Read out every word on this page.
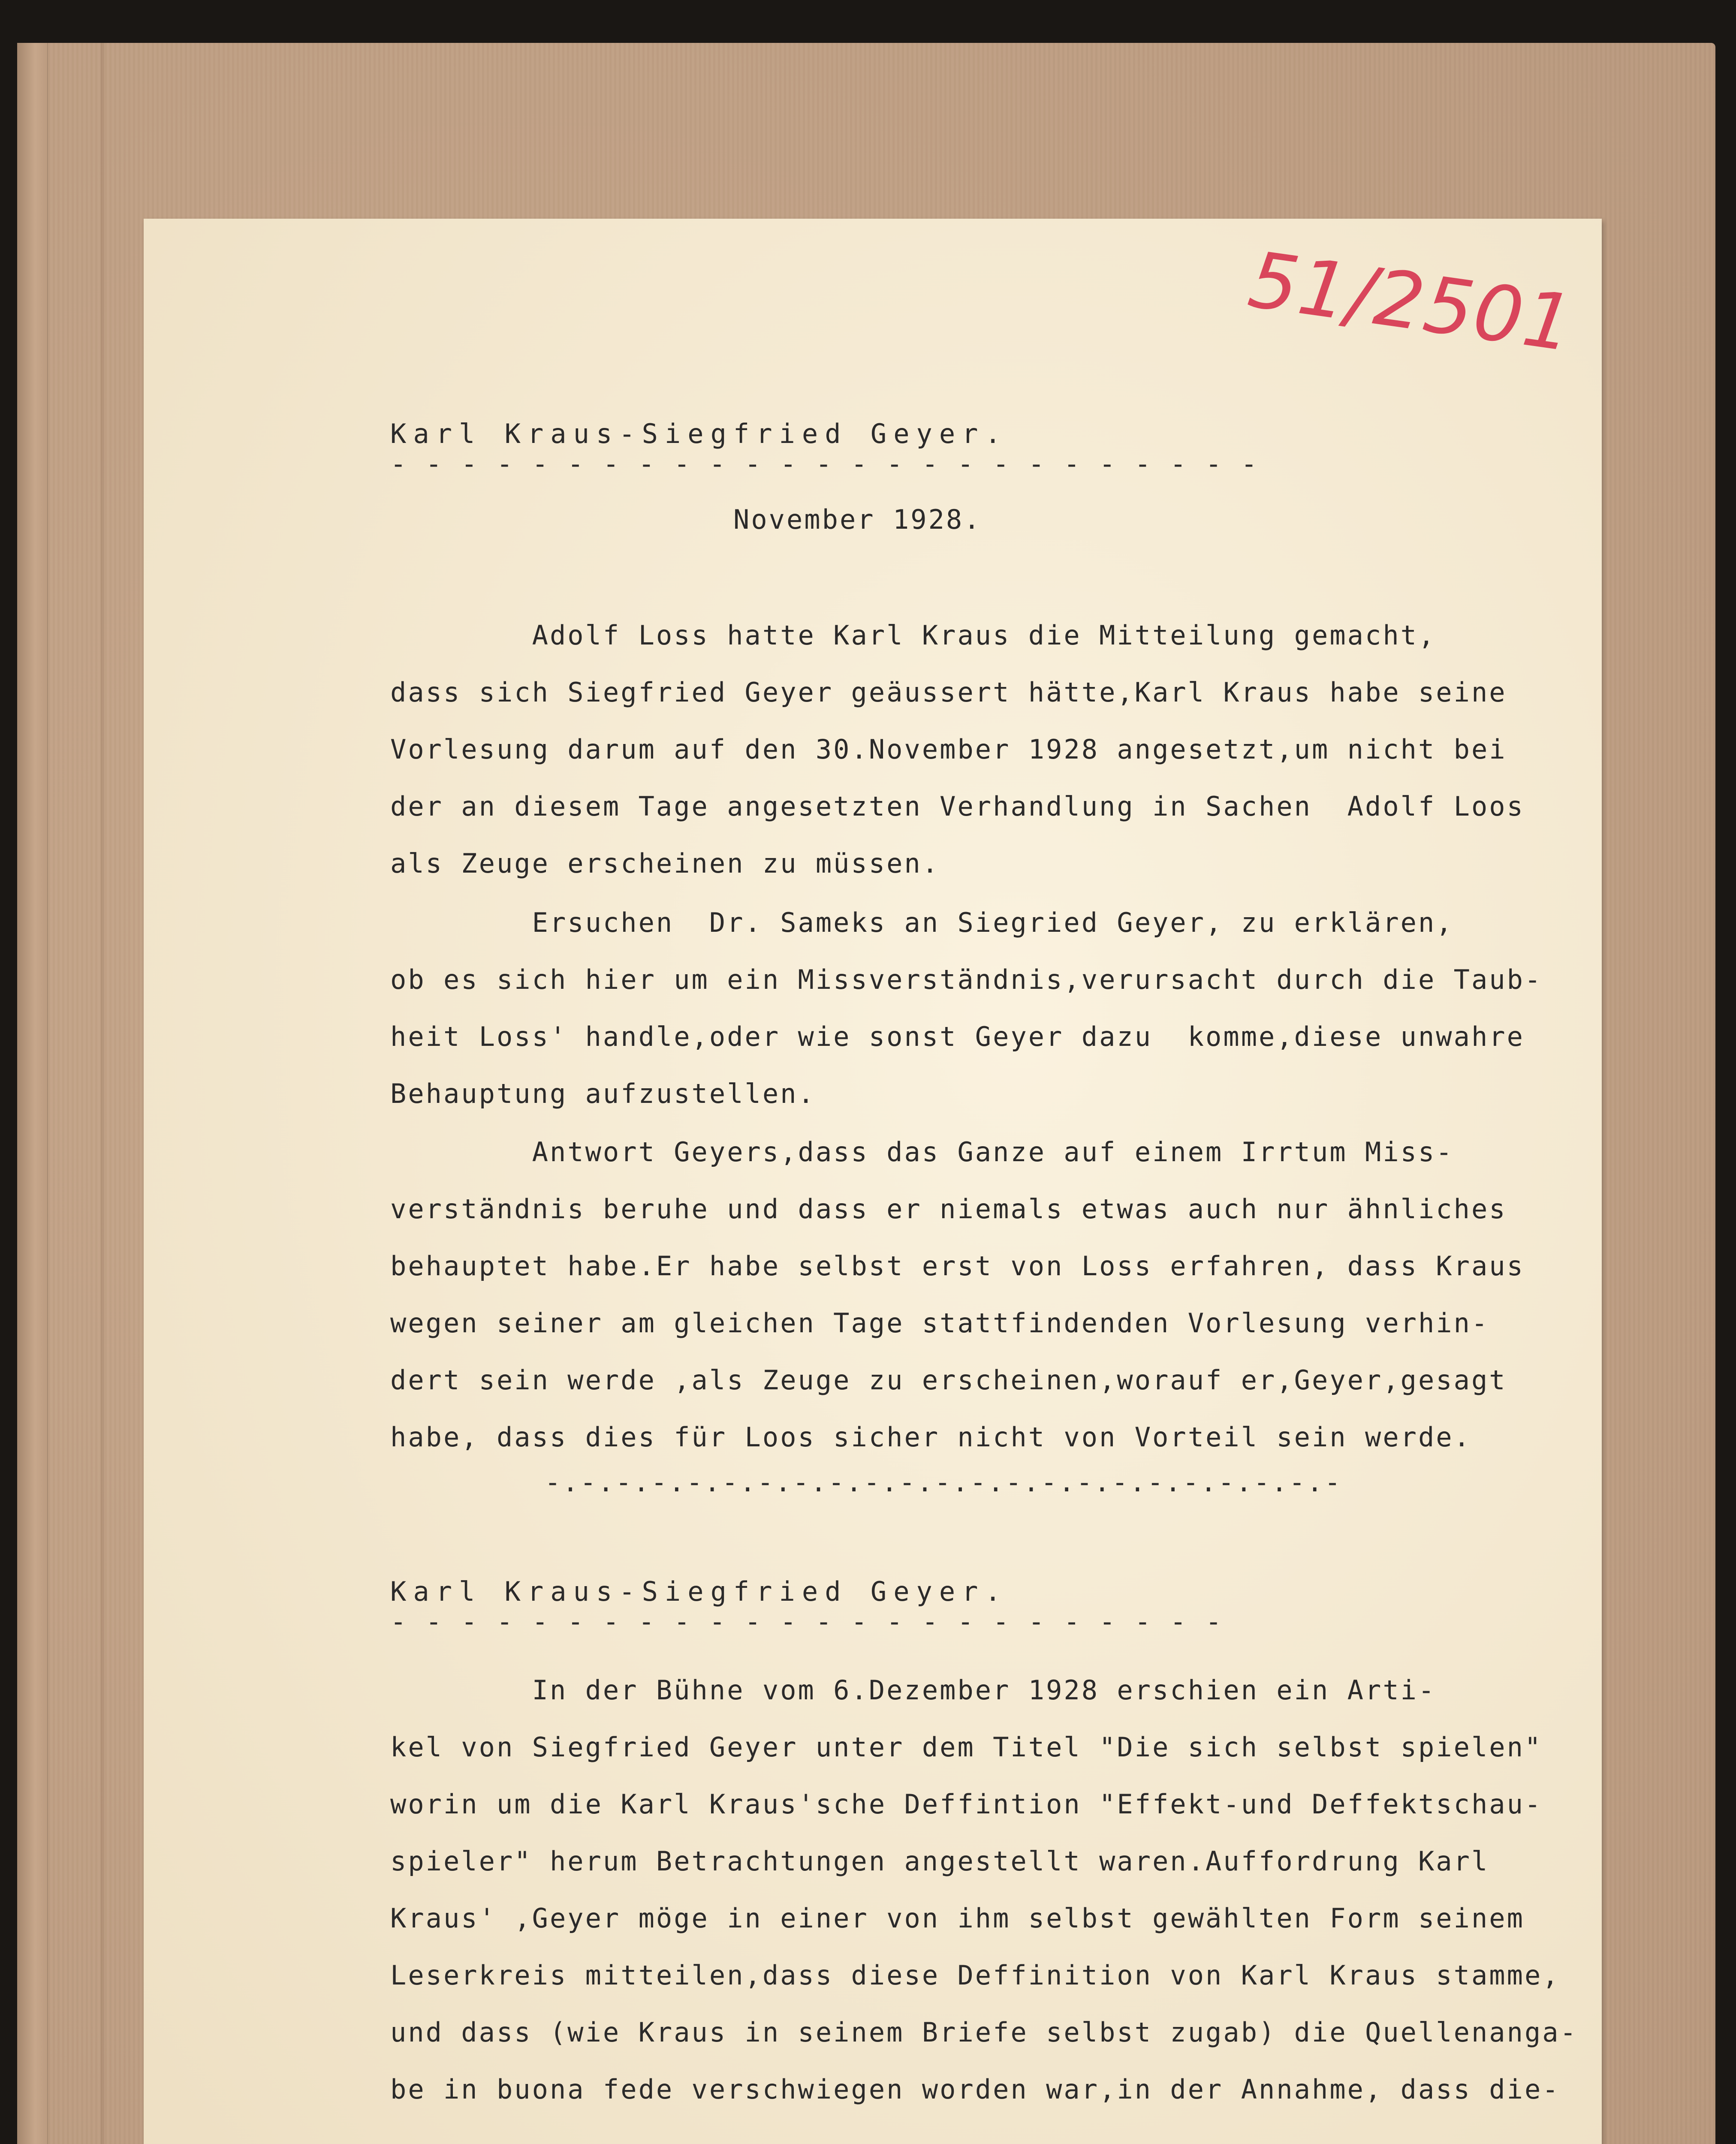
51/2501
Karl Kraus-Siegfried Geyer.
- - - - - - - - - - - - - - - - - - - - - - - - -
November 1928.
Adolf Loss hatte Karl Kraus die Mitteilung gemacht,
dass sich Siegfried Geyer geäussert hätte,Karl Kraus habe seine
Vorlesung darum auf den 30.November 1928 angesetzt,um nicht bei
der an diesem Tage angesetzten Verhandlung in Sachen  Adolf Loos
als Zeuge erscheinen zu müssen.
Ersuchen  Dr. Sameks an Siegried Geyer, zu erklären,
ob es sich hier um ein Missverständnis,verursacht durch die Taub-
heit Loss' handle,oder wie sonst Geyer dazu  komme,diese unwahre
Behauptung aufzustellen.
Antwort Geyers,dass das Ganze auf einem Irrtum Miss-
verständnis beruhe und dass er niemals etwas auch nur ähnliches
behauptet habe.Er habe selbst erst von Loss erfahren, dass Kraus
wegen seiner am gleichen Tage stattfindenden Vorlesung verhin-
dert sein werde ,als Zeuge zu erscheinen,worauf er,Geyer,gesagt
habe, dass dies für Loos sicher nicht von Vorteil sein werde.
-.-.-.-.-.-.-.-.-.-.-.-.-.-.-.-.-.-.-.-.-.-.-
Karl Kraus-Siegfried Geyer.
- - - - - - - - - - - - - - - - - - - - - - - -
In der Bühne vom 6.Dezember 1928 erschien ein Arti-
kel von Siegfried Geyer unter dem Titel "Die sich selbst spielen"
worin um die Karl Kraus'sche Deffintion "Effekt-und Deffektschau-
spieler" herum Betrachtungen angestellt waren.Auffordrung Karl
Kraus' ,Geyer möge in einer von ihm selbst gewählten Form seinem
Leserkreis mitteilen,dass diese Deffinition von Karl Kraus stamme,
und dass (wie Kraus in seinem Briefe selbst zugab) die Quellenanga-
be in buona fede verschwiegen worden war,in der Annahme, dass die-
